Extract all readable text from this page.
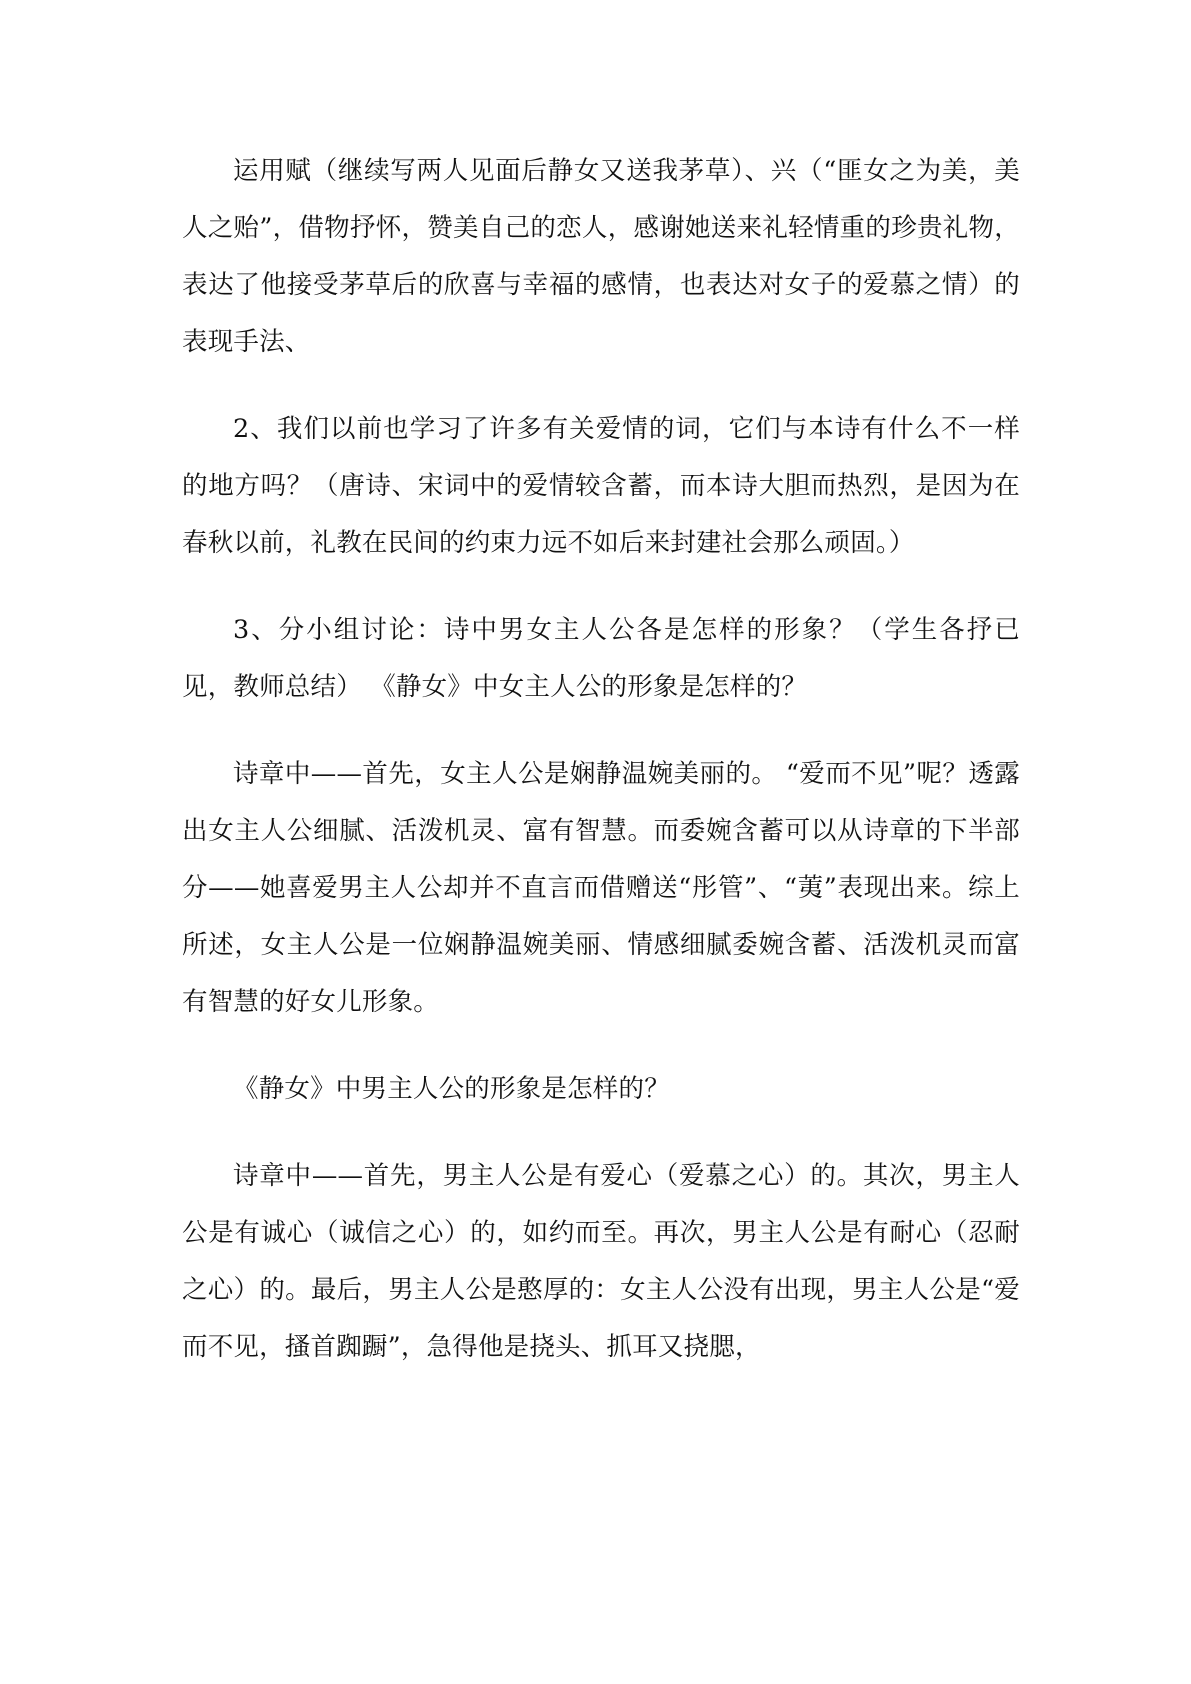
运用赋（继续写两人见面后静女又送我茅草）、兴（“匪女之为美，美人之贻”，借物抒怀，赞美自己的恋人，感谢她送来礼轻情重的珍贵礼物，表达了他接受茅草后的欣喜与幸福的感情，也表达对女子的爱慕之情）的表现手法、

2、我们以前也学习了许多有关爱情的词，它们与本诗有什么不一样的地方吗？（唐诗、宋词中的爱情较含蓄，而本诗大胆而热烈，是因为在春秋以前，礼教在民间的约束力远不如后来封建社会那么顽固。）

3、分小组讨论：诗中男女主人公各是怎样的形象？（学生各抒已见，教师总结） 《静女》中女主人公的形象是怎样的？

诗章中——首先，女主人公是娴静温婉美丽的。 “爱而不见”呢？透露出女主人公细腻、活泼机灵、富有智慧。而委婉含蓄可以从诗章的下半部分——她喜爱男主人公却并不直言而借赠送“彤管”、“荑”表现出来。综上所述，女主人公是一位娴静温婉美丽、情感细腻委婉含蓄、活泼机灵而富有智慧的好女儿形象。

《静女》中男主人公的形象是怎样的？

诗章中——首先，男主人公是有爱心（爱慕之心）的。其次，男主人公是有诚心（诚信之心）的，如约而至。再次，男主人公是有耐心（忍耐之心）的。最后，男主人公是憨厚的：女主人公没有出现，男主人公是“爱而不见，搔首踟蹰”，急得他是挠头、抓耳又挠腮，
